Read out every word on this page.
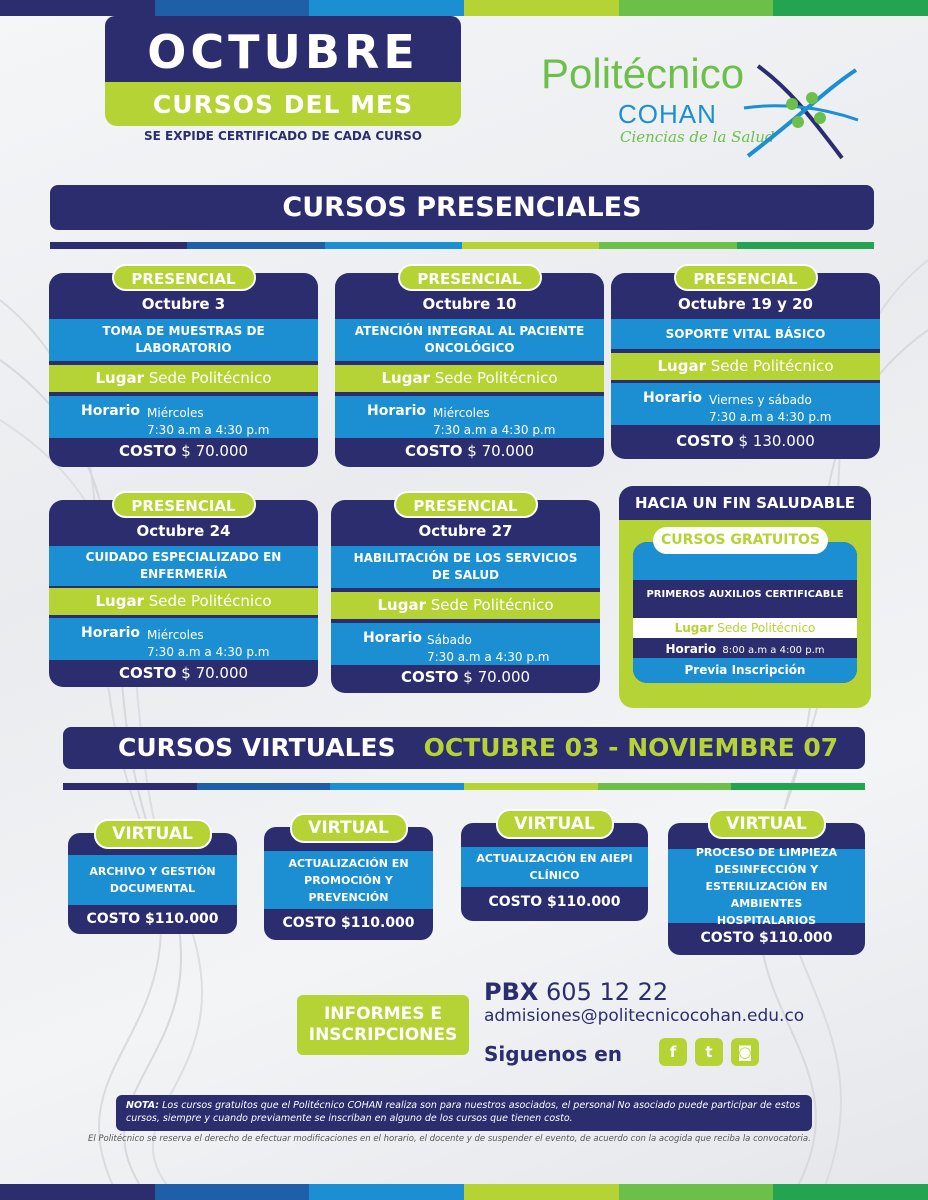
OCTUBRE
CURSOS DEL MES
SE EXPIDE CERTIFICADO DE CADA CURSO
Politécnico
COHAN
Ciencias de la Salud
CURSOS PRESENCIALES
PRESENCIAL
Octubre 3
TOMA DE MUESTRAS DE LABORATORIO
Lugar Sede Politécnico
Horario Miércoles
7:30 a.m a 4:30 p.m
COSTO $ 70.000
PRESENCIAL
Octubre 10
ATENCIÓN INTEGRAL AL PACIENTE ONCOLÓGICO
Lugar Sede Politécnico
Horario Miércoles
7:30 a.m a 4:30 p.m
COSTO $ 70.000
PRESENCIAL
Octubre 19 y 20
SOPORTE VITAL BÁSICO
Lugar Sede Politécnico
Horario Viernes y sábado
7:30 a.m a 4:30 p.m
COSTO $ 130.000
PRESENCIAL
Octubre 24
CUIDADO ESPECIALIZADO EN ENFERMERÍA
Lugar Sede Politécnico
Horario Miércoles
7:30 a.m a 4:30 p.m
COSTO $ 70.000
PRESENCIAL
Octubre 27
HABILITACIÓN DE LOS SERVICIOS DE SALUD
Lugar Sede Politécnico
Horario Sábado
7:30 a.m a 4:30 p.m
COSTO $ 70.000
HACIA UN FIN SALUDABLE
PRIMEROS AUXILIOS CERTIFICABLE
Lugar Sede Politécnico
Horario 8:00 a.m a 4:00 p.m
Previa Inscripción
CURSOS GRATUITOS
CURSOS VIRTUALES OCTUBRE 03 - NOVIEMBRE 07
VIRTUAL
ARCHIVO Y GESTIÓN DOCUMENTAL
COSTO $110.000
VIRTUAL
ACTUALIZACIÓN EN PROMOCIÓN Y PREVENCIÓN
COSTO $110.000
VIRTUAL
ACTUALIZACIÓN EN AIEPI CLÍNICO
COSTO $110.000
VIRTUAL
PROCESO DE LIMPIEZA DESINFECCIÓN Y ESTERILIZACIÓN EN AMBIENTES HOSPITALARIOS
COSTO $110.000
INFORMES E INSCRIPCIONES
PBX 605 12 22
admisiones@politecnicocohan.edu.co
Siguenos en	f	t	◙
NOTA: Los cursos gratuitos que el Politécnico COHAN realiza son para nuestros asociados, el personal No asociado puede participar de estos cursos, siempre y cuando previamente se inscriban en alguno de los cursos que tienen costo.
El Politécnico se reserva el derecho de efectuar modificaciones en el horario, el docente y de suspender el evento, de acuerdo con la acogida que reciba la convocatoria.
